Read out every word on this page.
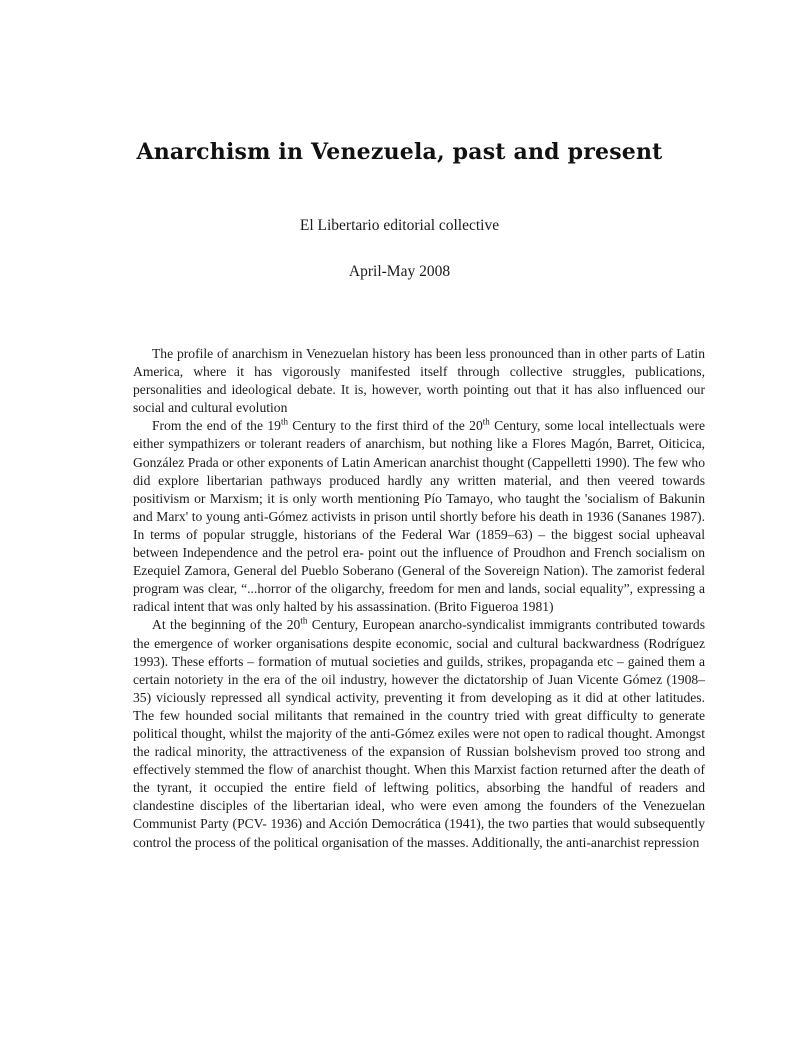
Anarchism in Venezuela, past and present
El Libertario editorial collective
April-May 2008

The profile of anarchism in Venezuelan history has been less pronounced than in other parts of Latin America, where it has vigorously manifested itself through collective struggles, publications, personalities and ideological debate. It is, however, worth pointing out that it has also influenced our social and cultural evolution

From the end of the 19th Century to the first third of the 20th Century, some local intellectuals were either sympathizers or tolerant readers of anarchism, but nothing like a Flores Magón, Barret, Oiticica, González Prada or other exponents of Latin American anarchist thought (Cappelletti 1990). The few who did explore libertarian pathways produced hardly any written material, and then veered towards positivism or Marxism; it is only worth mentioning Pío Tamayo, who taught the 'socialism of Bakunin and Marx' to young anti-Gómez activists in prison until shortly before his death in 1936 (Sananes 1987). In terms of popular struggle, historians of the Federal War (1859–63) – the biggest social upheaval between Independence and the petrol era- point out the influence of Proudhon and French socialism on Ezequiel Zamora, General del Pueblo Soberano (General of the Sovereign Nation). The zamorist federal program was clear, “...horror of the oligarchy, freedom for men and lands, social equality”, expressing a radical intent that was only halted by his assassination. (Brito Figueroa 1981)

At the beginning of the 20th Century, European anarcho-syndicalist immigrants contributed towards the emergence of worker organisations despite economic, social and cultural backwardness (Rodríguez 1993). These efforts – formation of mutual societies and guilds, strikes, propaganda etc – gained them a certain notoriety in the era of the oil industry, however the dictatorship of Juan Vicente Gómez (1908–35) viciously repressed all syndical activity, preventing it from developing as it did at other latitudes. The few hounded social militants that remained in the country tried with great difficulty to generate political thought, whilst the majority of the anti-Gómez exiles were not open to radical thought. Amongst the radical minority, the attractiveness of the expansion of Russian bolshevism proved too strong and effectively stemmed the flow of anarchist thought. When this Marxist faction returned after the death of the tyrant, it occupied the entire field of leftwing politics, absorbing the handful of readers and clandestine disciples of the libertarian ideal, who were even among the founders of the Venezuelan Communist Party (PCV- 1936) and Acción Democrática (1941), the two parties that would subsequently control the process of the political organisation of the masses. Additionally, the anti-anarchist repression
